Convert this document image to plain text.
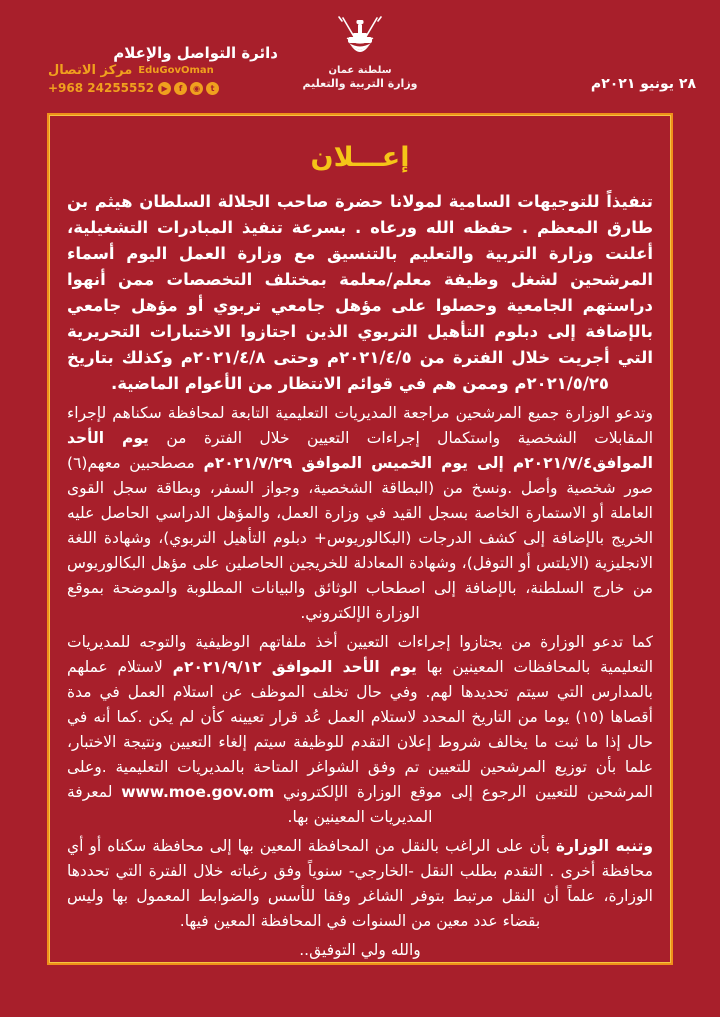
دائرة التواصل والإعلام
مركز الاتصال EduGovOman
+968 24255552	t
◉
f
▶
سلطنة عمان
وزارة التربية والتعليم	٢٨ يونيو ٢٠٢١م
إعـــلان

تنفيذاً للتوجيهات السامية لمولانا حضرة صاحب الجلالة السلطان هيثم بن طارق المعظم . حفظه الله ورعاه . بسرعة تنفيذ المبادرات التشغيلية، أعلنت وزارة التربية والتعليم بالتنسيق مع وزارة العمل اليوم أسماء المرشحين لشغل وظيفة معلم/معلمة بمختلف التخصصات ممن أنهوا دراستهم الجامعية وحصلوا على مؤهل جامعي تربوي أو مؤهل جامعي بالإضافة إلى دبلوم التأهيل التربوي الذين اجتازوا الاختبارات التحريرية التي أجريت خلال الفترة من ٢٠٢١/٤/٥م وحتى ٢٠٢١/٤/٨م وكذلك بتاريخ ٢٠٢١/٥/٢٥م وممن هم في قوائم الانتظار من الأعوام الماضية.

وتدعو الوزارة جميع المرشحين مراجعة المديريات التعليمية التابعة لمحافظة سكناهم لإجراء المقابلات الشخصية واستكمال إجراءات التعيين خلال الفترة من يوم الأحد الموافق٢٠٢١/٧/٤م إلى يوم الخميس الموافق ٢٠٢١/٧/٢٩م مصطحبين معهم(٦) صور شخصية وأصل .ونسخ من (البطاقة الشخصية، وجواز السفر، وبطاقة سجل القوى العاملة أو الاستمارة الخاصة بسجل القيد في وزارة العمل، والمؤهل الدراسي الحاصل عليه الخريج بالإضافة إلى كشف الدرجات (البكالوريوس+ دبلوم التأهيل التربوي)، وشهادة اللغة الانجليزية (الايلتس أو التوفل)، وشهادة المعادلة للخريجين الحاصلين على مؤهل البكالوريوس من خارج السلطنة، بالإضافة إلى اصطحاب الوثائق والبيانات المطلوبة والموضحة بموقع الوزارة الإلكتروني.

كما تدعو الوزارة من يجتازوا إجراءات التعيين أخذ ملفاتهم الوظيفية والتوجه للمديريات التعليمية بالمحافظات المعينين بها يوم الأحد الموافق ٢٠٢١/٩/١٢م لاستلام عملهم بالمدارس التي سيتم تحديدها لهم. وفي حال تخلف الموظف عن استلام العمل في مدة أقصاها (١٥) يوما من التاريخ المحدد لاستلام العمل عُد قرار تعيينه كأن لم يكن .كما أنه في حال إذا ما ثبت ما يخالف شروط إعلان التقدم للوظيفة سيتم إلغاء التعيين ونتيجة الاختبار، علما بأن توزيع المرشحين للتعيين تم وفق الشواغر المتاحة بالمديريات التعليمية .وعلى المرشحين للتعيين الرجوع إلى موقع الوزارة الإلكتروني www.moe.gov.om لمعرفة المديريات المعينين بها.

وتنبه الوزارة بأن على الراغب بالنقل من المحافظة المعين بها إلى محافظة سكناه أو أي محافظة أخرى . التقدم بطلب النقل -الخارجي- سنوياً وفق رغباته خلال الفترة التي تحددها الوزارة، علماً أن النقل مرتبط بتوفر الشاغر وفقا للأسس والضوابط المعمول بها وليس بقضاء عدد معين من السنوات في المحافظة المعين فيها.

والله ولي التوفيق..
